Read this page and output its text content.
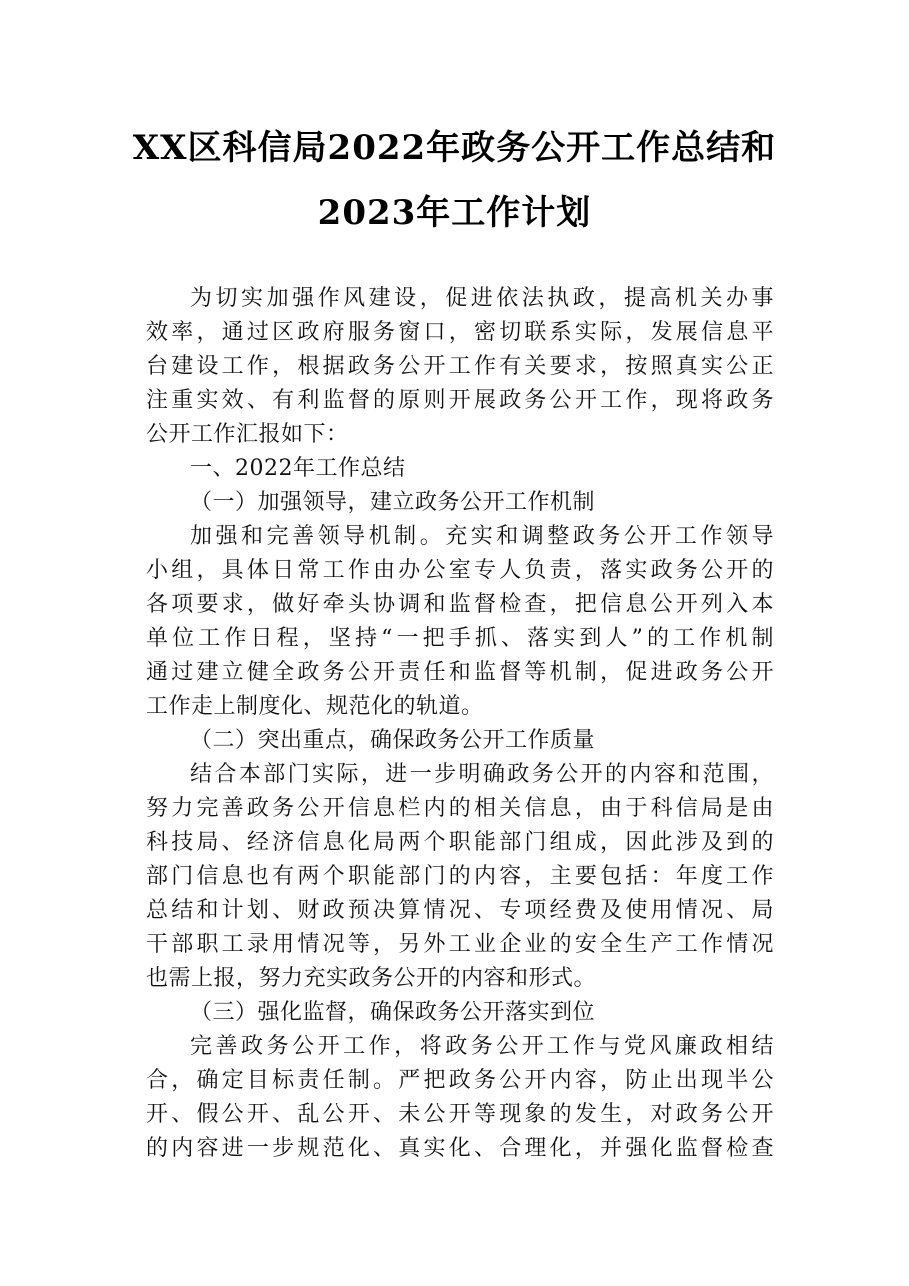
XX区科信局2022年政务公开工作总结和
2023年工作计划
为切实加强作风建设，促进依法执政，提高机关办事
效率，通过区政府服务窗口，密切联系实际，发展信息平
台建设工作，根据政务公开工作有关要求，按照真实公正
注重实效、有利监督的原则开展政务公开工作，现将政务
公开工作汇报如下：
一、2022年工作总结
（一）加强领导，建立政务公开工作机制
加强和完善领导机制。充实和调整政务公开工作领导
小组，具体日常工作由办公室专人负责，落实政务公开的
各项要求，做好牵头协调和监督检查，把信息公开列入本
单位工作日程，坚持“一把手抓、落实到人”的工作机制
通过建立健全政务公开责任和监督等机制，促进政务公开
工作走上制度化、规范化的轨道。
（二）突出重点，确保政务公开工作质量
结合本部门实际，进一步明确政务公开的内容和范围，
努力完善政务公开信息栏内的相关信息，由于科信局是由
科技局、经济信息化局两个职能部门组成，因此涉及到的
部门信息也有两个职能部门的内容，主要包括：年度工作
总结和计划、财政预决算情况、专项经费及使用情况、局
干部职工录用情况等，另外工业企业的安全生产工作情况
也需上报，努力充实政务公开的内容和形式。
（三）强化监督，确保政务公开落实到位
完善政务公开工作，将政务公开工作与党风廉政相结
合，确定目标责任制。严把政务公开内容，防止出现半公
开、假公开、乱公开、未公开等现象的发生，对政务公开
的内容进一步规范化、真实化、合理化，并强化监督检查
